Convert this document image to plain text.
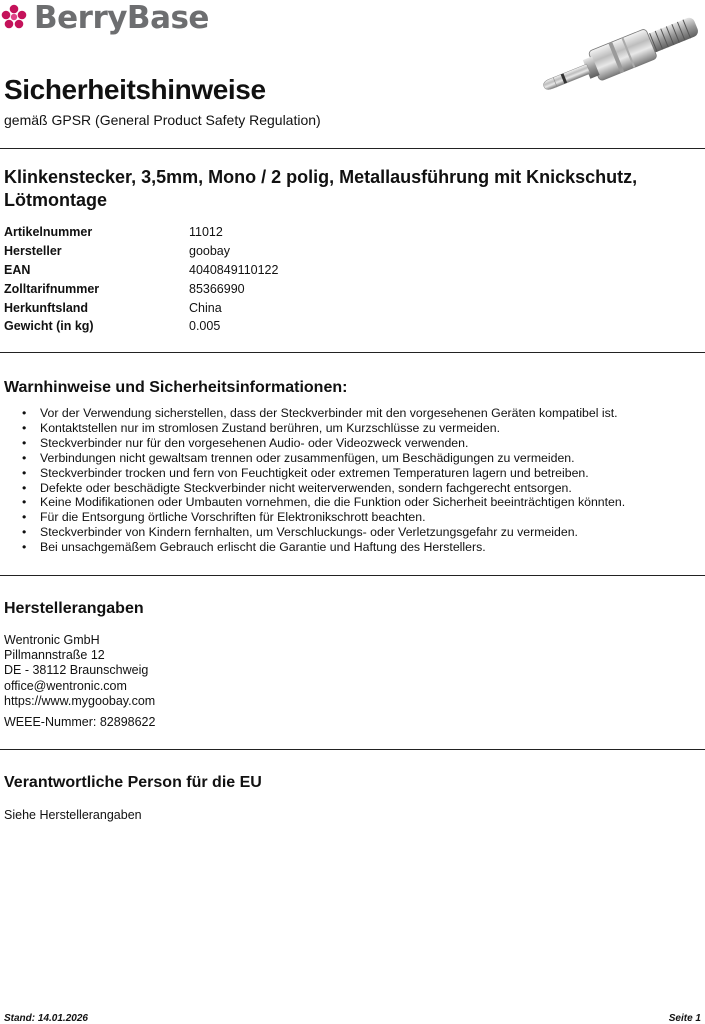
BerryBase
Sicherheitshinweise
gemäß GPSR (General Product Safety Regulation)
Klinkenstecker, 3,5mm, Mono / 2 polig, Metallausführung mit Knickschutz, Lötmontage
Artikelnummer	11012
Hersteller	goobay
EAN	4040849110122
Zolltarifnummer	85366990
Herkunftsland	China
Gewicht (in kg)	0.005
Warnhinweise und Sicherheitsinformationen:
• Vor der Verwendung sicherstellen, dass der Steckverbinder mit den vorgesehenen Geräten kompatibel ist.
• Kontaktstellen nur im stromlosen Zustand berühren, um Kurzschlüsse zu vermeiden.
• Steckverbinder nur für den vorgesehenen Audio- oder Videozweck verwenden.
• Verbindungen nicht gewaltsam trennen oder zusammenfügen, um Beschädigungen zu vermeiden.
• Steckverbinder trocken und fern von Feuchtigkeit oder extremen Temperaturen lagern und betreiben.
• Defekte oder beschädigte Steckverbinder nicht weiterverwenden, sondern fachgerecht entsorgen.
• Keine Modifikationen oder Umbauten vornehmen, die die Funktion oder Sicherheit beeinträchtigen könnten.
• Für die Entsorgung örtliche Vorschriften für Elektronikschrott beachten.
• Steckverbinder von Kindern fernhalten, um Verschluckungs- oder Verletzungsgefahr zu vermeiden.
• Bei unsachgemäßem Gebrauch erlischt die Garantie und Haftung des Herstellers.
Herstellerangaben
Wentronic GmbH
Pillmannstraße 12
DE - 38112 Braunschweig
office@wentronic.com
https://www.mygoobay.com
WEEE-Nummer: 82898622
Verantwortliche Person für die EU
Siehe Herstellerangaben
Stand: 14.01.2026	Seite 1
